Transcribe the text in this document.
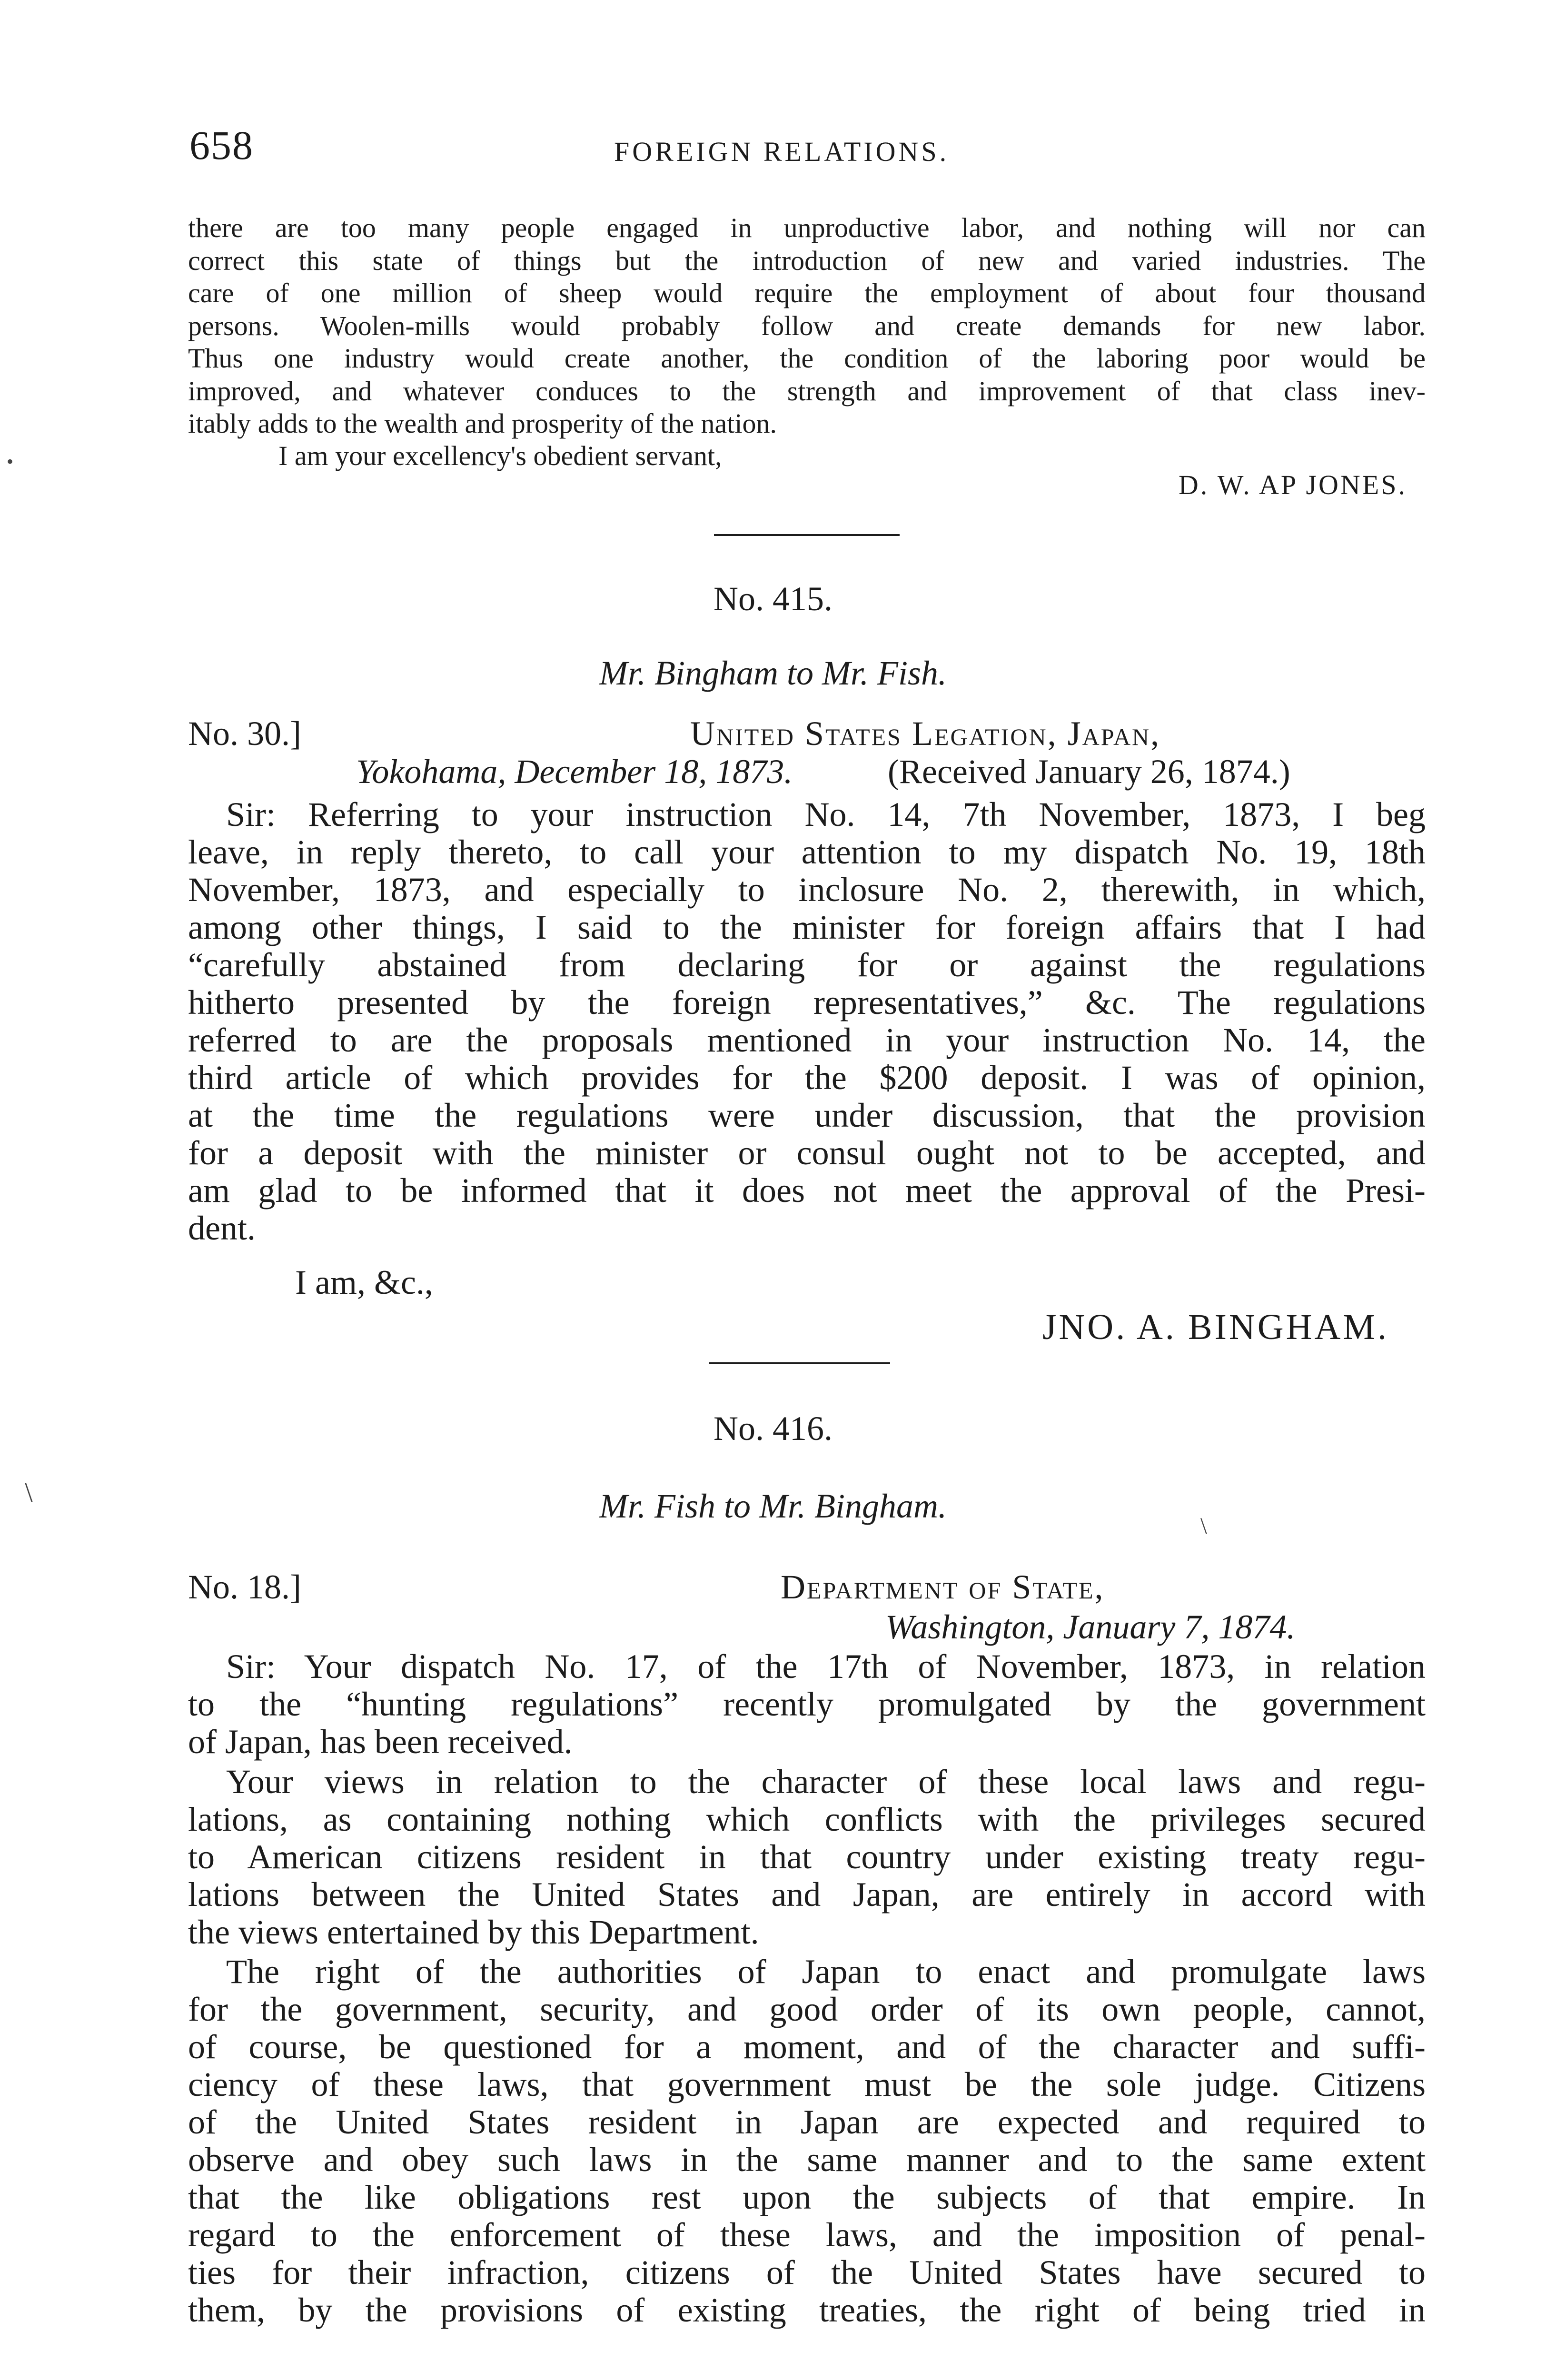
658	FOREIGN RELATIONS.
there are too many people engaged in unproductive labor, and nothing will nor can
correct this state of things but the introduction of new and varied industries. The
care of one million of sheep would require the employment of about four thousand
persons. Woolen-mills would probably follow and create demands for new labor.
Thus one industry would create another, the condition of the laboring poor would be
improved, and whatever conduces to the strength and improvement of that class inev-
itably adds to the wealth and prosperity of the nation.
I am your excellency's obedient servant,
D. W. AP JONES.
No. 415.
Mr. Bingham to Mr. Fish.
No. 30.]	United States Legation, Japan,
Yokohama, December 18, 1873.	(Received January 26, 1874.)
Sir: Referring to your instruction No. 14, 7th November, 1873, I beg
leave, in reply thereto, to call your attention to my dispatch No. 19, 18th
November, 1873, and especially to inclosure No. 2, therewith, in which,
among other things, I said to the minister for foreign affairs that I had
“carefully abstained from declaring for or against the regulations
hitherto presented by the foreign representatives,” &c. The regulations
referred to are the proposals mentioned in your instruction No. 14, the
third article of which provides for the $200 deposit. I was of opinion,
at the time the regulations were under discussion, that the provision
for a deposit with the minister or consul ought not to be accepted, and
am glad to be informed that it does not meet the approval of the Presi-
dent.
I am, &c.,
JNO. A. BINGHAM.
No. 416.
Mr. Fish to Mr. Bingham.
No. 18.]	Department of State,
Washington, January 7, 1874.
Sir: Your dispatch No. 17, of the 17th of November, 1873, in relation
to the “hunting regulations” recently promulgated by the government
of Japan, has been received.
Your views in relation to the character of these local laws and regu-
lations, as containing nothing which conflicts with the privileges secured
to American citizens resident in that country under existing treaty regu-
lations between the United States and Japan, are entirely in accord with
the views entertained by this Department.
The right of the authorities of Japan to enact and promulgate laws
for the government, security, and good order of its own people, cannot,
of course, be questioned for a moment, and of the character and suffi-
ciency of these laws, that government must be the sole judge. Citizens
of the United States resident in Japan are expected and required to
observe and obey such laws in the same manner and to the same extent
that the like obligations rest upon the subjects of that empire. In
regard to the enforcement of these laws, and the imposition of penal-
ties for their infraction, citizens of the United States have secured to
them, by the provisions of existing treaties, the right of being tried in
•
\
\
